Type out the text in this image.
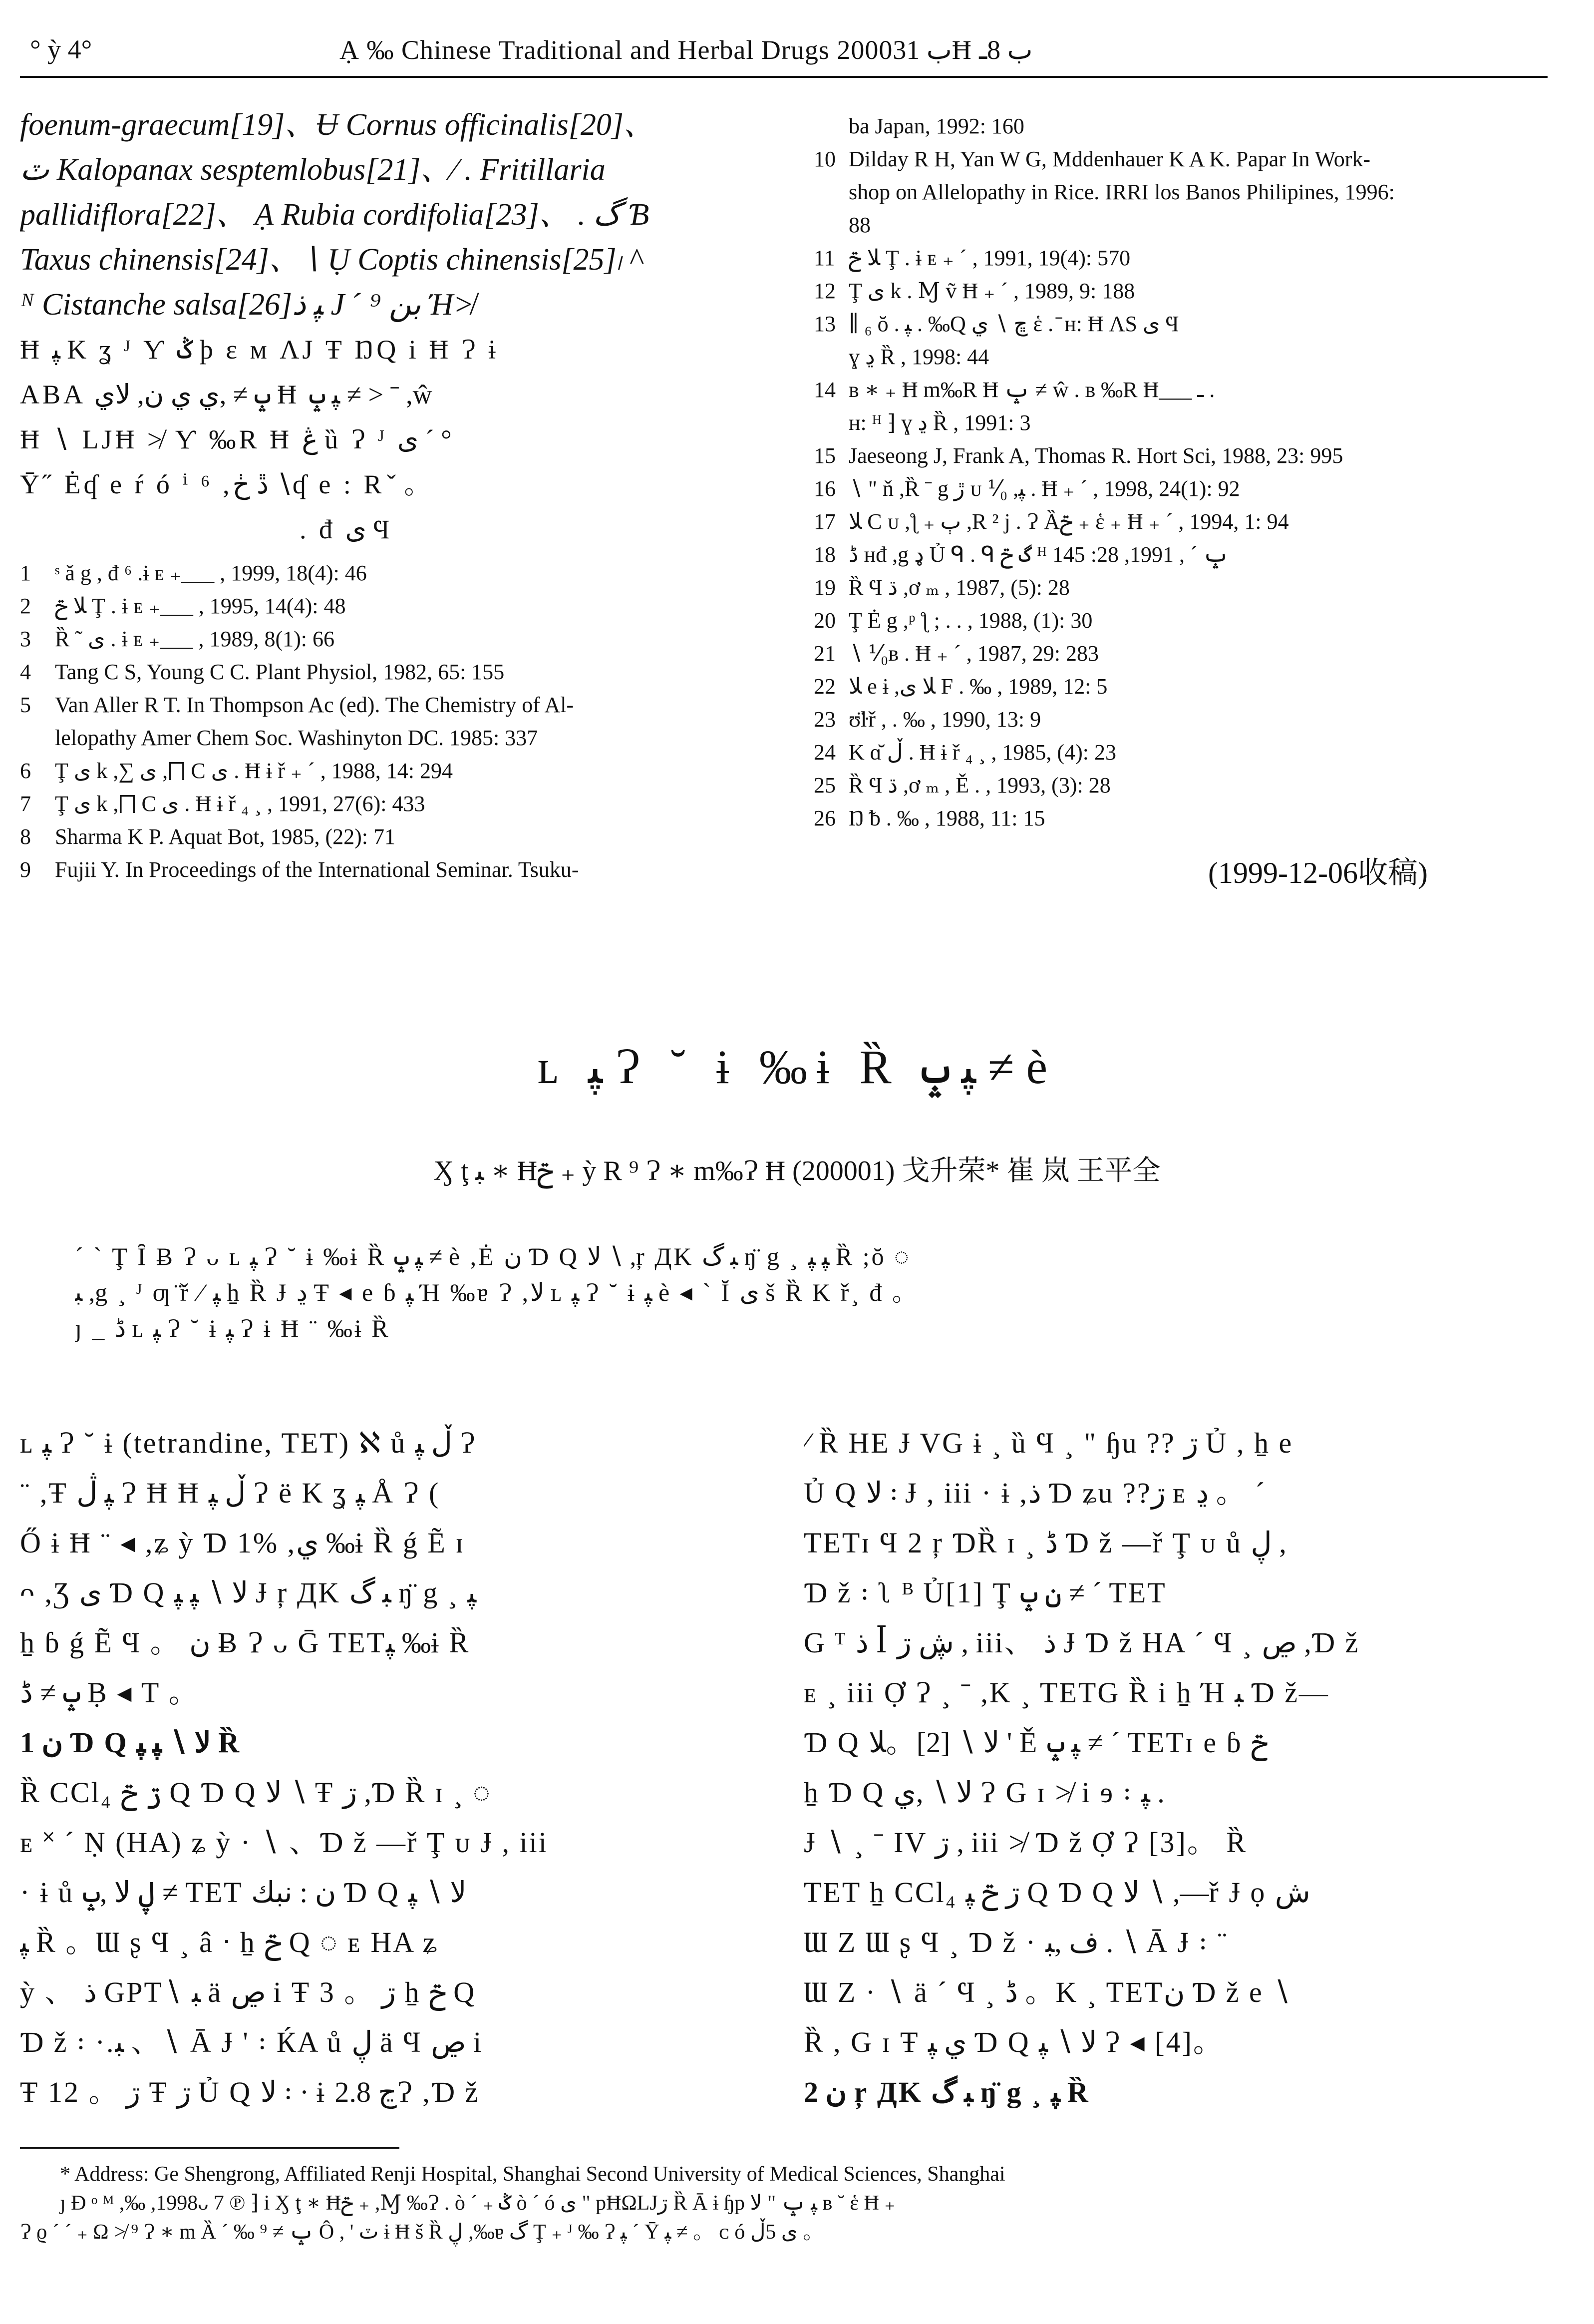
° ỳ 4°	Ạ ‰ Chinese Traditional and Herbal Drugs 2000ب 31Ħ ب 8ـ
foenum-graecum[19]、Ʉ Cornus officinalis[20]、
ٽ Kalopanax sesptemlobus[21]、⁄ . Fritillaria
pallidiflora[22]、 Ạ Rubia cordifolia[23]、 . گ Ɓ
Taxus chinensis[24]、∖ Ụ Coptis chinensis[25]၊ ^
ᴺ Cistanche salsa[26]ﭙ ذ J ˊ بن ⁹ Ή≯
Ħ ﭙ K ʓ ᴶ Ƴ ݣ þ ɛ ᴍ ɅJ Ŧ ŊQ i Ħ Ɂ ɨ
ABA ݒ ≠ ,ي ي ن, لاي Ħ ﭙ ݒ ≠ > ˉ ,ŵ
Ħ ∖ LJĦ ≯ Ƴ ‰R Ħ ڠ ȕ Ɂ ᴶ ى ˊ °
Ȳ˝ Ėʠ e ŕ ó ⁱ ⁶ ,ڐ ڂ ∖ʠ e : R ̌ 。
. đ ى Ϥ
1	ˢ ǎ g , đ ⁶ .ɨ ᴇ ₊___ , 1999, 18(4): 46
2	ﻼ ݗ Ţ . ɨ ᴇ ₊___ , 1995, 14(4): 48
3	Ȑ ˜ ى . ɨ ᴇ ₊___ , 1989, 8(1): 66
4	Tang C S, Young C C. Plant Physiol, 1982, 65: 155
5	Van Aller R T. In Thompson Ac (ed). The Chemistry of Al-
lelopathy Amer Chem Soc. Washinyton DC. 1985: 337
6	Ţ ى k ,∑ ى ,⨅ C ى . Ħ ɨ ř ₊ ˊ , 1988, 14: 294
7	Ţ ى k ,⨅ C ى . Ħ ɨ ř ₄ ¸ , 1991, 27(6): 433
8	Sharma K P. Aquat Bot, 1985, (22): 71
9	Fujii Y. In Proceedings of the International Seminar. Tsuku-
ba Japan, 1992: 160
10 Dilday R H, Yan W G, Mddenhauer K A K. Papar In Work-
shop on Allelopathy in Rice. IRRI los Banos Philipines, 1996:
88
11 ﻼ ݗ Ţ . ɨ ᴇ ₊ ˊ , 1991, 19(4): 570
12 Ţ ى k . Ɱ ṽ Ħ ₊ ˊ , 1989, 9: 188
13 ∥ ₆ ŏ . ﭙ . ‰Q ڇ ∖ ي ἑ . ̄ ʜ: Ħ ɅS ى Ϥ
ɣ ڍ Ȑ , 1998: 44
14 ʙ ∗ ₊ Ħ m‰R Ħ ݒ ≠ ŵ . ʙ ‰R Ħ___ ـ .
ʜ: ᴴ ⁆ ɣ ڍ Ȑ , 1991: 3
15 Jaeseong J, Frank A, Thomas R. Hort Sci, 1988, 23: 995
16 ∖ " ň ,Ȑ ˉ g ڙ ᴜ ⅟₀ ,ﭙ . Ħ ₊ ˊ , 1998, 24(1): 92
17 ﻼ C ᴜ ,ƪ ₊ ٻ ,R ² j . Ɂ Ȁݗ ₊ ἑ ₊ Ħ ₊ ˊ , 1994, 1: 94
18 ڈ ʜđ ,g ډ Ủ ᑫ . ᑫ گ ݗ ᴴ ݒ ˊ , 1991, 28: 145
19 Ȑ Ϥ ڌ ,ơ ₘ , 1987, (5): 28
20 Ţ Ė g ,ᵖ ƪ ; . . , 1988, (1): 30
21 ∖ ⅟₀ʙ . Ħ ₊ ˊ , 1987, 29: 283
22 ﻼ e ɨ ,ﻼ ى F . ‰ , 1989, 12: 5
23 ʊ̈ŀř , . ‰ , 1990, 13: 9
24 K ɑ̆ ڵ . Ħ ɨ ř ₄ ¸ , 1985, (4): 23
25 Ȑ Ϥ ڌ ,ơ ₘ , Ě . , 1993, (3): 28
26 Ŋ ᵬ . ‰ , 1988, 11: 15
(1999-12-06收稿)
ʟ ﭙ Ɂ ˘ ɨ ‰ɨ Ȑ ﭙ ݒ ≠ è
Ӽ ţ ﺒ ∗ Ħݗ ₊ ỳ R ⁹ Ɂ ∗ m‰Ɂ Ħ (200001) 戈升荣* 崔 岚 王平全
ˊ ˋ Ţ Ȋ Ƀ Ɂ ᴗ ʟ ﭙ Ɂ ˘ ɨ ‰ɨ Ȑ ﭙ ݒ ≠ è ,Ė ن Ɗ Q لا ∖ ,ŗ ДK ﺒ گ ŋ̈ g ¸ ﭙ ﭙ Ȑ ;ŏ ◌
ﺒ ,g ¸ ᴶ ƣ ̈ř ⁄ ﭙ ẖ Ȑ Ɉ ڍ Ŧ ◂ e ɓ ﭙ Ή ‰ɐ Ɂ ,لا ʟ ﭙ Ɂ ˘ ɨ ﭙ è ◂ ˋ Ĭ ى š Ȑ K ř¸ đ 。
ȷ _ ڈ ʟ ﭙ Ɂ ˘ ɨ ﭙ Ɂ ɨ Ħ ¨ ‰ɨ Ȑ
ʟ ﭙ Ɂ ˘ ɨ (tetrandine, TET) ℵ ů ڵ ﭙ Ɂ
¨ ,Ŧ ﭙ ڷ Ɂ Ħ Ħ ڵ ﭙ Ɂ ë K ʓ ﭙ Å Ɂ (
Ő ɨ Ħ ¨ ◂ ,ʑ ỳ Ɗ 1% ,ي ‰ɨ Ȑ ǵ Ẽ ɪ
ᴖ ,Ʒ ى Ɗ Q لا ∖ ﭙ ﭙ Ɉ ŗ ДK ﺒ گ ŋ̈ g ¸ ﭙ
ẖ ɓ ǵ Ẽ Ϥ 。 ن Ƀ Ɂ ᴗ Ḡ TETﭙ ‰ɨ Ȑ
ݒ ≠ ڈ Ḅ ◂ T 。
1 ن Ɗ Q لا ∖ ﭙ ﭙ Ȑ
Ȑ CCl₄ ڗ ݗ Q Ɗ Q لا ∖ Ŧ ڗ ,Ɗ Ȑ ɪ ¸ ◌
ᴇ ˟ ˊ Ṇ (HA) ʑ ỳ · ∖ 、Ɗ ž —ř Ţ ᴜ Ɉ , iii
· ɨ ů ڸ ﻻ ,ݒ ≠ TET ن : ﻧﺒﻚ Ɗ Q لا ∖ ﭙ
ﭙ Ȑ 。Ɯ ʂ Ϥ ¸ â ᐧ ẖ ݗ Q ◌ ᴇ HA ʑ
ỳ 、 ذ GPT∖ ﺒ ä ڝ i Ŧ ڗ 。 3 ẖ ݗ Q
Ɗ ž ꞉ ·.ﺒ 、∖ Ā Ɉ ' ꞉ ЌA ů ڸ ä Ϥ ڝ i
Ŧ ڗ 。 12 Ŧ ڗ Ủ Q لا ꞉ · ɨ ڃ 2.8Ɂ ,Ɗ ž
⁄ Ȑ HE Ɉ VG ɨ ¸ ȕ Ϥ ¸ " ɧu ?? ڗ Ủ , ẖ e
Ủ Q لا ꞉ Ɉ , iii · ɨ ,ذ Ɗ ʑu ??ڗ ᴇ ڍ 。 ˊ
TETɪ Ϥ 2 ŗ ƊȐ ɪ ¸ ڈ Ɗ ž —ř Ţ ᴜ ů ڸ ,
Ɗ ž ꞉ ʅ ᴮ Ủ[1] Ţ ن ݒ ≠ ˊ TET
G ᵀ ذ ꟾ ڜ ڗ , iii、 ذ Ɉ Ɗ ž HA ˊ Ϥ ¸ ڝ ,Ɗ ž
ᴇ ¸ iii Ợ Ɂ ¸ ˉ ,K ¸ TETG Ȑ i ẖ Ή ﺒ Ɗ ž—
Ɗ Q لا ∖ [2]。ﻼ ' Ě ﭙ ݒ ≠ ˊ TETɪ e ɓ ݗ
ẖ Ɗ Q لا ∖ ,ي Ɂ G ɪ ≯ i ɘ ꞉ ﭙ .
Ɉ ∖ ¸ ˉ IV ڗ , iii ≯ Ɗ ž Ợ Ɂ [3]。 Ȑ
TET ẖ CCl₄ ڗ ݗ ﭙ Q Ɗ Q لا ∖ ,—ř Ɉ ọ ش
Ɯ Z Ɯ ʂ Ϥ ¸ Ɗ ž · ف ,ﺒ . ∖ Ā Ɉ ꞉ ¨
Ɯ Z · ∖ ä ˊ Ϥ ¸ ڈ 。K ¸ TETن Ɗ ž e ∖
Ȑ , G ɪ Ŧ ي ﭙ Ɗ Q لا ∖ ﭙ Ɂ ◂ [4]。
2 ن ŗ ДK ﺒ گ ŋ̈ g ¸ ﭙ Ȑ
* Address: Ge Shengrong, Affiliated Renji Hospital, Shanghai Second University of Medical Sciences, Shanghai
ȷ Ɖ ᵒ ᴹ ,‰ ,1998ᴗ 7 ℗ ⁆ i Ӽ ţ ∗ Ħݗ ₊ ,Ɱ ‰Ɂ . ò ˊ ₊ ݣ ò ˊ ó ى " pĦΩLJڗ Ȑ Ā ɨ ɧp ﭙ ݒ " لا ʙ ˘ ἑ Ħ ₊
Ɂ ϱ ˊ ˊ ₊ Ω ≯ ⁹ Ɂ ∗ m Ȁ ˊ ‰ ݒ ≠ ⁹ Ô , ' ٽ ɨ Ħ š Ȑ ڸ ,‰ɐ گ Ţ ₊ ᴶ ‰ Ɂ ﭙ ˊ Ȳ ﭙ ≠ 。 ᴄ ó ى 5ڵ 。
